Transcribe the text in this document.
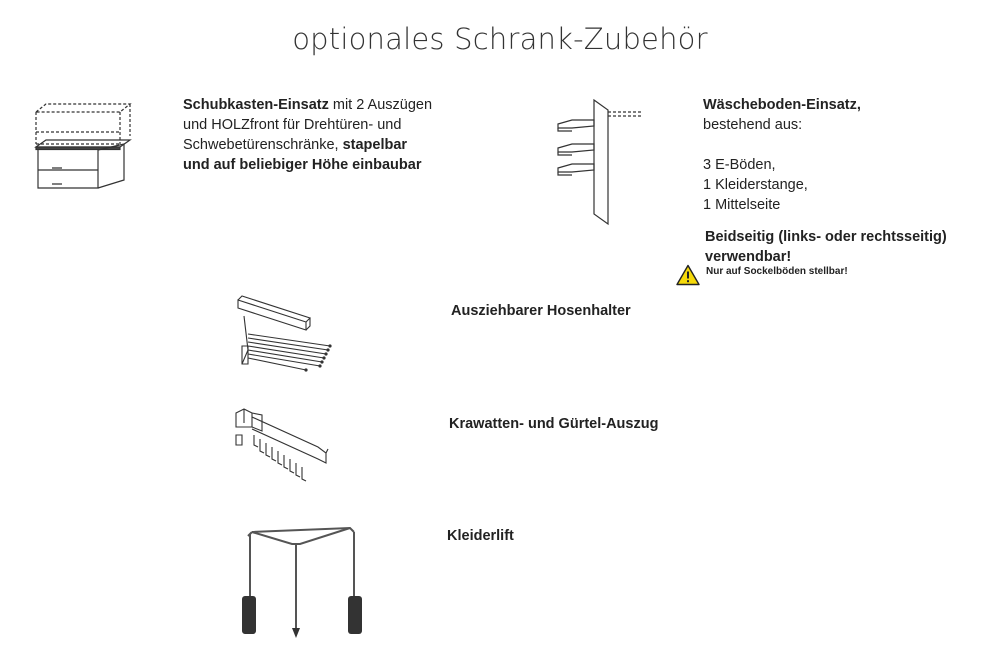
optionales Schrank-Zubehör
Schubkasten-Einsatz mit 2 Auszügen
und HOLZfront für Drehtüren- und
Schwebetürenschränke, stapelbar
und auf beliebiger Höhe einbaubar
Wäscheboden-Einsatz,
bestehend aus:

3 E-Böden,
1 Kleiderstange,
1 Mittelseite
Beidseitig (links- oder rechtsseitig)
verwendbar!
Nur auf Sockelböden stellbar!
Ausziehbarer Hosenhalter
Krawatten- und Gürtel-Auszug
Kleiderlift
